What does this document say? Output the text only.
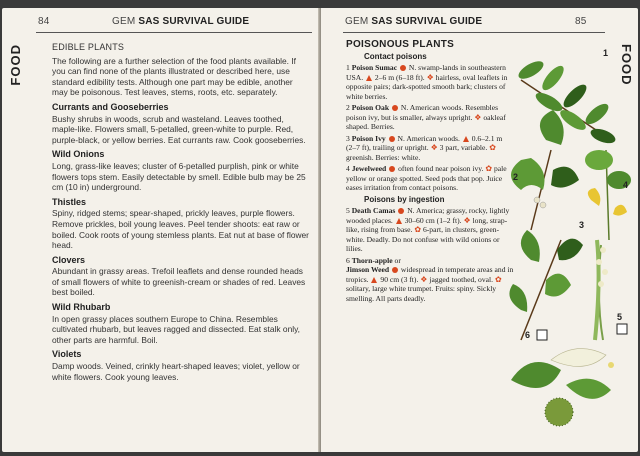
84	GEM SAS SURVIVAL GUIDE
FOOD	EDIBLE PLANTS

The following are a further selection of the food plants available. If you can find none of the plants illustrated or described here, use standard edibility tests. Although one part may be edible, another may be poisonous. Test leaves, stems, roots, etc. separately.

Currants and Gooseberries
Bushy shrubs in woods, scrub and wasteland. Leaves toothed, maple-like. Flowers small, 5-petalled, green-white to purple. Red, purple-black, or yellow berries. Eat currants raw. Cook gooseberries.
Wild Onions
Long, grass-like leaves; cluster of 6-petalled purplish, pink or white flowers tops stem. Easily detectable by smell. Edible bulb may be 25 cm (10 in) underground.
Thistles
Spiny, ridged stems; spear-shaped, prickly leaves, purple flowers. Remove prickles, boil young leaves. Peel tender shoots: eat raw or boiled. Cook roots of young stemless plants. Eat nut at base of flower head.
Clovers
Abundant in grassy areas. Trefoil leaflets and dense rounded heads of small flowers of white to greenish-cream or shades of red. Leaves best boiled.
Wild Rhubarb
In open grassy places southern Europe to China. Resembles cultivated rhubarb, but leaves ragged and dissected. Eat stalk only, other parts are harmful. Boil.
Violets
Damp woods. Veined, crinkly heart-shaped leaves; violet, yellow or white flowers. Cook young leaves.
GEM SAS SURVIVAL GUIDE	85
FOOD
POISONOUS PLANTS
Contact poisons
1 Poison Sumac N. swamp-lands in southeastern USA. 2–6 m (6–18 ft). ❖ hairless, oval leaflets in opposite pairs; dark-spotted smooth bark; clusters of white berries.
2 Poison Oak N. American woods. Resembles poison ivy, but is smaller, always upright. ❖ oakleaf shaped. Berries.
3 Poison Ivy N. American woods. 0.6–2.1 m (2–7 ft), trailing or upright. ❖ 3 part, variable. ✿ greenish. Berries: white.
4 Jewelweed often found near poison ivy. ✿ pale yellow or orange spotted. Seed pods that pop. Juice eases irritation from contact poisons.
Poisons by ingestion
5 Death Camas N. America; grassy, rocky, lightly wooded places. 30–60 cm (1–2 ft). ❖ long, strap-like, rising from base. ✿ 6-part, in clusters, green-white. Deadly. Do not confuse with wild onions or lilies.
6 Thorn-apple or
Jimson Weed widespread in temperate areas and in tropics. 90 cm (3 ft). ❖ jagged toothed, oval. ✿ solitary, large white trumpet. Fruits: spiny. Sickly smelling. All parts deadly.
1
2
3
4
5
6
